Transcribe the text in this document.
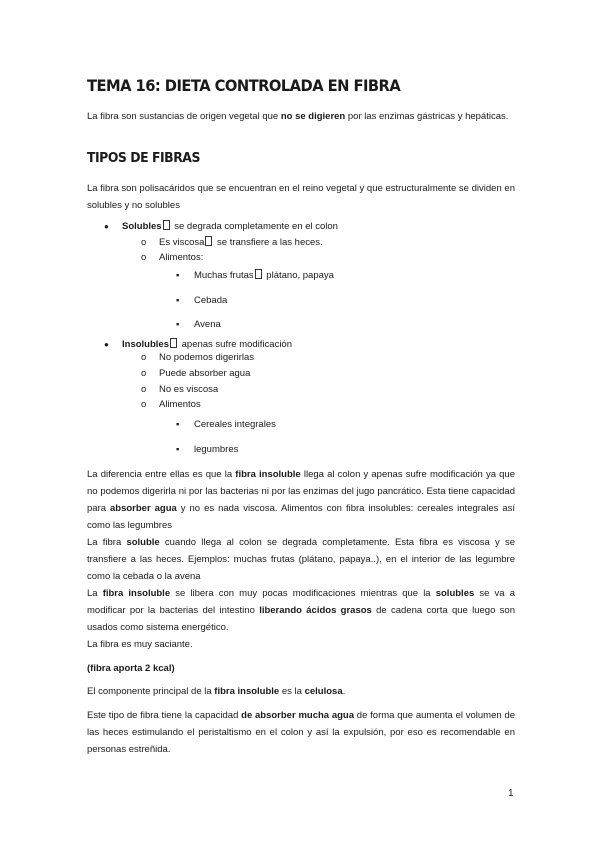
TEMA 16: DIETA CONTROLADA EN FIBRA

La fibra son sustancias de origen vegetal que no se digieren por las enzimas gástricas y hepáticas.

TIPOS DE FIBRAS

La fibra son polisacáridos que se encuentran en el reino vegetal y que estructuralmente se dividen en solubles y no solubles

● Solubles se degrada completamente en el colon
o Es viscosa se transfiere a las heces.
o Alimentos:
▪ Muchas frutas plátano, papaya
▪ Cebada
▪ Avena
● Insolubles apenas sufre modificación
o No podemos digerirlas
o Puede absorber agua
o No es viscosa
o Alimentos
▪ Cereales integrales
▪ legumbres

La diferencia entre ellas es que la fibra insoluble llega al colon y apenas sufre modificación ya que no podemos digerirla ni por las bacterias ni por las enzimas del jugo pancrático. Esta tiene capacidad para absorber agua y no es nada viscosa. Alimentos con fibra insolubles: cereales integrales así como las legumbres

La fibra soluble cuando llega al colon se degrada completamente. Esta fibra es viscosa y se transfiere a las heces. Ejemplos: muchas frutas (plátano, papaya..), en el interior de las legumbre como la cebada o la avena

La fibra insoluble se libera con muy pocas modificaciones mientras que la solubles se va a modificar por la bacterias del intestino liberando ácidos grasos de cadena corta que luego son usados como sistema energético.

La fibra es muy saciante.

(fibra aporta 2 kcal)

El componente principal de la fibra insoluble es la celulosa.

Este tipo de fibra tiene la capacidad de absorber mucha agua de forma que aumenta el volumen de las heces estimulando el peristaltismo en el colon y así la expulsión, por eso es recomendable en personas estreñida.

1
